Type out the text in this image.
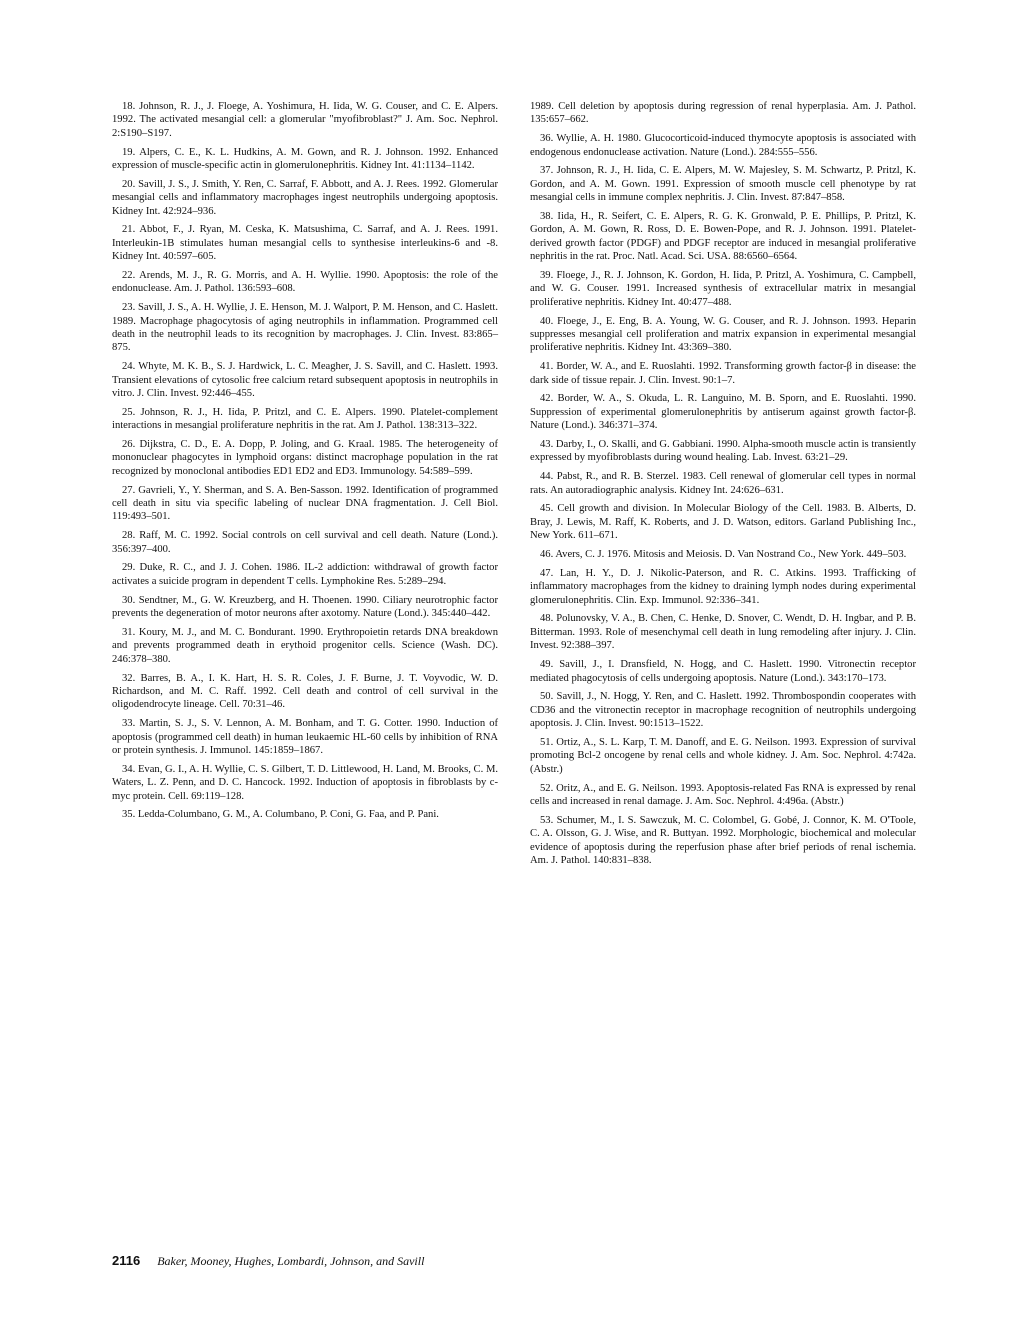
18 . Johnson, R. J., J. Floege, A. Yoshimura, H. Iida, W. G. Couser, and C. E. Alpers. 1992. The activated mesangial cell: a glomerular "myofibroblast?" J. Am. Soc. Nephrol. 2:S190–S197.

19 . Alpers, C. E., K. L. Hudkins, A. M. Gown, and R. J. Johnson. 1992. Enhanced expression of muscle-specific actin in glomerulonephritis. Kidney Int. 41:1134–1142.

20 . Savill, J. S., J. Smith, Y. Ren, C. Sarraf, F. Abbott, and A. J. Rees. 1992. Glomerular mesangial cells and inflammatory macrophages ingest neutrophils undergoing apoptosis. Kidney Int. 42:924–936.

21 . Abbot, F., J. Ryan, M. Ceska, K. Matsushima, C. Sarraf, and A. J. Rees. 1991. Interleukin-1B stimulates human mesangial cells to synthesise interleukins-6 and -8. Kidney Int. 40:597–605.

22 . Arends, M. J., R. G. Morris, and A. H. Wyllie. 1990. Apoptosis: the role of the endonuclease. Am. J. Pathol. 136:593–608.

23 . Savill, J. S., A. H. Wyllie, J. E. Henson, M. J. Walport, P. M. Henson, and C. Haslett. 1989. Macrophage phagocytosis of aging neutrophils in inflammation. Programmed cell death in the neutrophil leads to its recognition by macrophages. J. Clin. Invest. 83:865–875.

24 . Whyte, M. K. B., S. J. Hardwick, L. C. Meagher, J. S. Savill, and C. Haslett. 1993. Transient elevations of cytosolic free calcium retard subsequent apoptosis in neutrophils in vitro. J. Clin. Invest. 92:446–455.

25 . Johnson, R. J., H. Iida, P. Pritzl, and C. E. Alpers. 1990. Platelet-complement interactions in mesangial proliferature nephritis in the rat. Am J. Pathol. 138:313–322.

26 . Dijkstra, C. D., E. A. Dopp, P. Joling, and G. Kraal. 1985. The heterogeneity of mononuclear phagocytes in lymphoid organs: distinct macrophage population in the rat recognized by monoclonal antibodies ED1 ED2 and ED3. Immunology. 54:589–599.

27 . Gavrieli, Y., Y. Sherman, and S. A. Ben-Sasson. 1992. Identification of programmed cell death in situ via specific labeling of nuclear DNA fragmentation. J. Cell Biol. 119:493–501.

28 . Raff, M. C. 1992. Social controls on cell survival and cell death. Nature (Lond.). 356:397–400.

29 . Duke, R. C., and J. J. Cohen. 1986. IL-2 addiction: withdrawal of growth factor activates a suicide program in dependent T cells. Lymphokine Res. 5:289–294.

30 . Sendtner, M., G. W. Kreuzberg, and H. Thoenen. 1990. Ciliary neurotrophic factor prevents the degeneration of motor neurons after axotomy. Nature (Lond.). 345:440–442.

31 . Koury, M. J., and M. C. Bondurant. 1990. Erythropoietin retards DNA breakdown and prevents programmed death in erythoid progenitor cells. Science (Wash. DC). 246:378–380.

32 . Barres, B. A., I. K. Hart, H. S. R. Coles, J. F. Burne, J. T. Voyvodic, W. D. Richardson, and M. C. Raff. 1992. Cell death and control of cell survival in the oligodendrocyte lineage. Cell. 70:31–46.

33 . Martin, S. J., S. V. Lennon, A. M. Bonham, and T. G. Cotter. 1990. Induction of apoptosis (programmed cell death) in human leukaemic HL-60 cells by inhibition of RNA or protein synthesis. J. Immunol. 145:1859–1867.

34 . Evan, G. I., A. H. Wyllie, C. S. Gilbert, T. D. Littlewood, H. Land, M. Brooks, C. M. Waters, L. Z. Penn, and D. C. Hancock. 1992. Induction of apoptosis in fibroblasts by c-myc protein. Cell. 69:119–128.

35 . Ledda-Columbano, G. M., A. Columbano, P. Coni, G. Faa, and P. Pani.

1989. Cell deletion by apoptosis during regression of renal hyperplasia. Am. J. Pathol. 135:657–662.

36 . Wyllie, A. H. 1980. Glucocorticoid-induced thymocyte apoptosis is associated with endogenous endonuclease activation. Nature (Lond.). 284:555–556.

37 . Johnson, R. J., H. Iida, C. E. Alpers, M. W. Majesley, S. M. Schwartz, P. Pritzl, K. Gordon, and A. M. Gown. 1991. Expression of smooth muscle cell phenotype by rat mesangial cells in immune complex nephritis. J. Clin. Invest. 87:847–858.

38 . Iida, H., R. Seifert, C. E. Alpers, R. G. K. Gronwald, P. E. Phillips, P. Pritzl, K. Gordon, A. M. Gown, R. Ross, D. E. Bowen-Pope, and R. J. Johnson. 1991. Platelet-derived growth factor (PDGF) and PDGF receptor are induced in mesangial proliferative nephritis in the rat. Proc. Natl. Acad. Sci. USA. 88:6560–6564.

39 . Floege, J., R. J. Johnson, K. Gordon, H. Iida, P. Pritzl, A. Yoshimura, C. Campbell, and W. G. Couser. 1991. Increased synthesis of extracellular matrix in mesangial proliferative nephritis. Kidney Int. 40:477–488.

40 . Floege, J., E. Eng, B. A. Young, W. G. Couser, and R. J. Johnson. 1993. Heparin suppresses mesangial cell proliferation and matrix expansion in experimental mesangial proliferative nephritis. Kidney Int. 43:369–380.

41 . Border, W. A., and E. Ruoslahti. 1992. Transforming growth factor-β in disease: the dark side of tissue repair. J. Clin. Invest. 90:1–7.

42 . Border, W. A., S. Okuda, L. R. Languino, M. B. Sporn, and E. Ruoslahti. 1990. Suppression of experimental glomerulonephritis by antiserum against growth factor-β. Nature (Lond.). 346:371–374.

43 . Darby, I., O. Skalli, and G. Gabbiani. 1990. Alpha-smooth muscle actin is transiently expressed by myofibroblasts during wound healing. Lab. Invest. 63:21–29.

44 . Pabst, R., and R. B. Sterzel. 1983. Cell renewal of glomerular cell types in normal rats. An autoradiographic analysis. Kidney Int. 24:626–631.

45 . Cell growth and division. In Molecular Biology of the Cell. 1983. B. Alberts, D. Bray, J. Lewis, M. Raff, K. Roberts, and J. D. Watson, editors. Garland Publishing Inc., New York. 611–671.

46 . Avers, C. J. 1976. Mitosis and Meiosis. D. Van Nostrand Co., New York. 449–503.

47 . Lan, H. Y., D. J. Nikolic-Paterson, and R. C. Atkins. 1993. Trafficking of inflammatory macrophages from the kidney to draining lymph nodes during experimental glomerulonephritis. Clin. Exp. Immunol. 92:336–341.

48 . Polunovsky, V. A., B. Chen, C. Henke, D. Snover, C. Wendt, D. H. Ingbar, and P. B. Bitterman. 1993. Role of mesenchymal cell death in lung remodeling after injury. J. Clin. Invest. 92:388–397.

49 . Savill, J., I. Dransfield, N. Hogg, and C. Haslett. 1990. Vitronectin receptor mediated phagocytosis of cells undergoing apoptosis. Nature (Lond.). 343:170–173.

50 . Savill, J., N. Hogg, Y. Ren, and C. Haslett. 1992. Thrombospondin cooperates with CD36 and the vitronectin receptor in macrophage recognition of neutrophils undergoing apoptosis. J. Clin. Invest. 90:1513–1522.

51 . Ortiz, A., S. L. Karp, T. M. Danoff, and E. G. Neilson. 1993. Expression of survival promoting Bcl-2 oncogene by renal cells and whole kidney. J. Am. Soc. Nephrol. 4:742a. (Abstr.)

52 . Oritz, A., and E. G. Neilson. 1993. Apoptosis-related Fas RNA is expressed by renal cells and increased in renal damage. J. Am. Soc. Nephrol. 4:496a. (Abstr.)

53 . Schumer, M., I. S. Sawczuk, M. C. Colombel, G. Gobé, J. Connor, K. M. O'Toole, C. A. Olsson, G. J. Wise, and R. Buttyan. 1992. Morphologic, biochemical and molecular evidence of apoptosis during the reperfusion phase after brief periods of renal ischemia. Am. J. Pathol. 140:831–838.

2116 Baker, Mooney, Hughes, Lombardi, Johnson, and Savill
